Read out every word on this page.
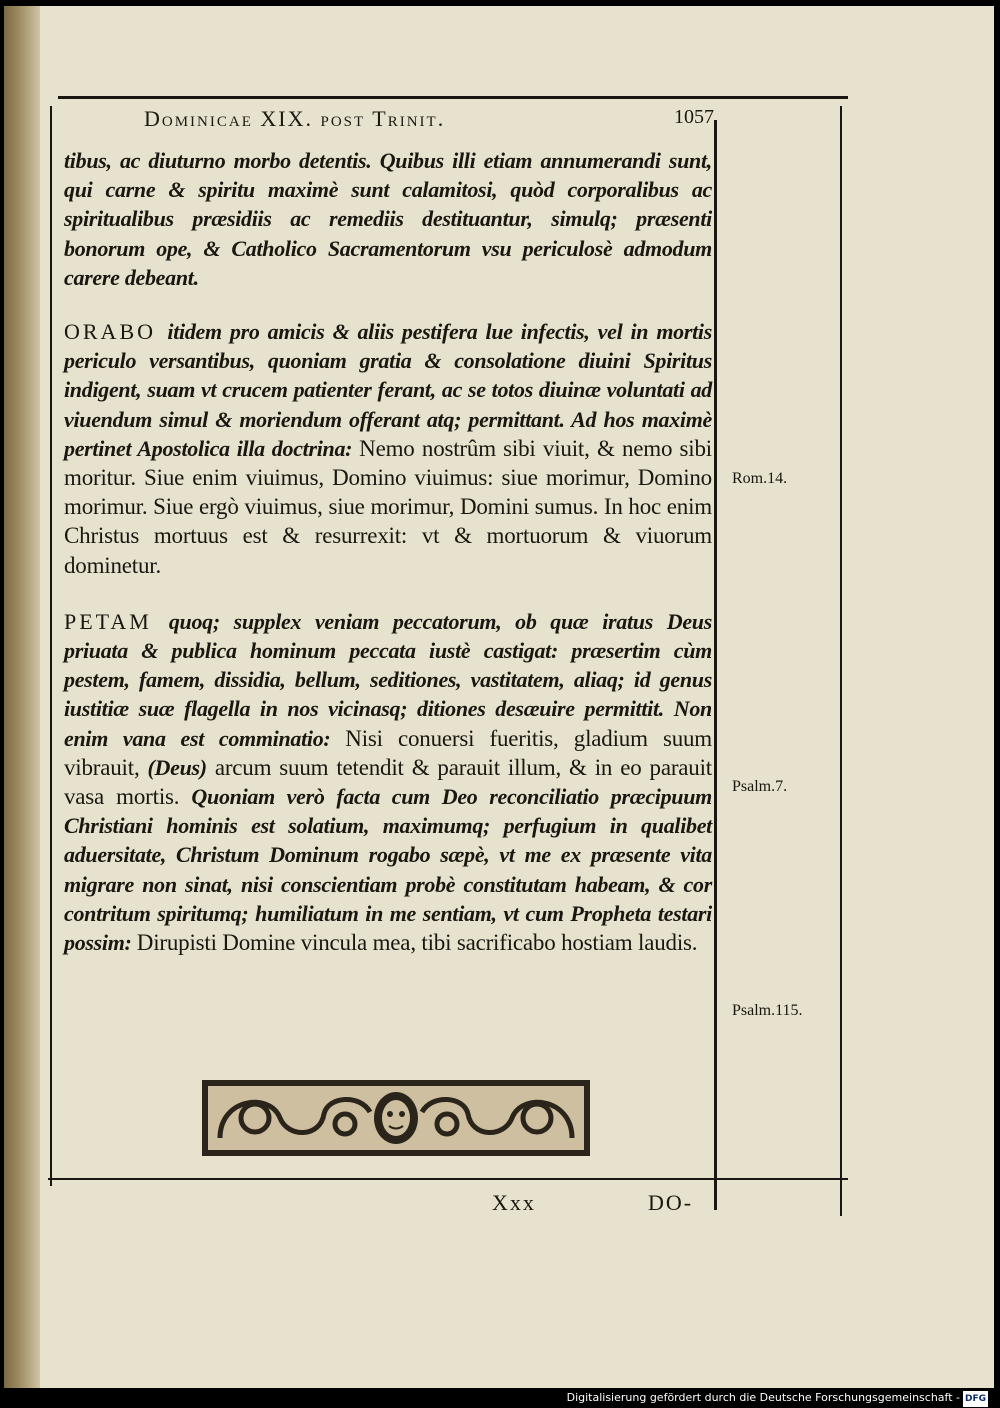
Dominicae XIX. post Trinit.	1057

tibus, ac diuturno morbo detentis. Quibus illi etiam annumerandi sunt, qui carne & spiritu maximè sunt calamitosi, quòd corporalibus ac spiritualibus præsidiis ac remediis destituantur, simulq; præsenti bonorum ope, & Catholico Sacramentorum vsu periculosè admodum carere debeant.

ORABO itidem pro amicis & aliis pestifera lue infectis, vel in mortis periculo versantibus, quoniam gratia & consolatione diuini Spiritus indigent, suam vt crucem patienter ferant, ac se totos diuinæ voluntati ad viuendum simul & moriendum offerant atq; permittant. Ad hos maximè pertinet Apostolica illa doctrina: Nemo nostrûm sibi viuit, & nemo sibi moritur. Siue enim viuimus, Domino viuimus: siue morimur, Domino morimur. Siue ergò viuimus, siue morimur, Domini sumus. In hoc enim Christus mortuus est & resurrexit: vt & mortuorum & viuorum dominetur.

PETAM quoq; supplex veniam peccatorum, ob quæ iratus Deus priuata & publica hominum peccata iustè castigat: præsertim cùm pestem, famem, dissidia, bellum, seditiones, vastitatem, aliaq; id genus iustitiæ suæ flagella in nos vicinasq; ditiones desæuire permittit. Non enim vana est comminatio: Nisi conuersi fueritis, gladium suum vibrauit, (Deus) arcum suum tetendit & parauit illum, & in eo parauit vasa mortis. Quoniam verò facta cum Deo reconciliatio præcipuum Christiani hominis est solatium, maximumq; perfugium in qualibet aduersitate, Christum Dominum rogabo sæpè, vt me ex præsente vita migrare non sinat, nisi conscientiam probè constitutam habeam, & cor contritum spiritumq; humiliatum in me sentiam, vt cum Propheta testari possim: Dirupisti Domine vincula mea, tibi sacrificabo hostiam laudis.

Rom.14.
Psalm.7.
Psalm.115.
Xxx	DO-
Digitalisierung gefördert durch die Deutsche Forschungsgemeinschaft - DFG
